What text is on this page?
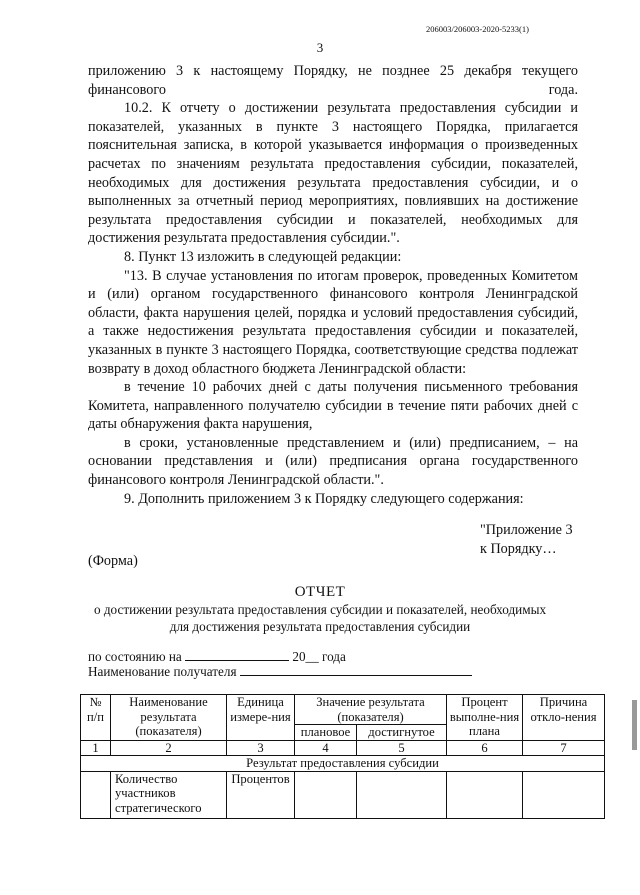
206003/206003-2020-5233(1)
3

приложению 3 к настоящему Порядку, не позднее 25 декабря текущего финансового года.

10.2. К отчету о достижении результата предоставления субсидии и показателей, указанных в пункте 3 настоящего Порядка, прилагается пояснительная записка, в которой указывается информация о произведенных расчетах по значениям результата предоставления субсидии, показателей, необходимых для достижения результата предоставления субсидии, и о выполненных за отчетный период мероприятиях, повлиявших на достижение результата предоставления субсидии и показателей, необходимых для достижения результата предоставления субсидии.".

8. Пункт 13 изложить в следующей редакции:

"13. В случае установления по итогам проверок, проведенных Комитетом и (или) органом государственного финансового контроля Ленинградской области, факта нарушения целей, порядка и условий предоставления субсидий, а также недостижения результата предоставления субсидии и показателей, указанных в пункте 3 настоящего Порядка, соответствующие средства подлежат возврату в доход областного бюджета Ленинградской области:

в течение 10 рабочих дней с даты получения письменного требования Комитета, направленного получателю субсидии в течение пяти рабочих дней с даты обнаружения факта нарушения,

в сроки, установленные представлением и (или) предписанием, – на основании представления и (или) предписания органа государственного финансового контроля Ленинградской области.".

9. Дополнить приложением 3 к Порядку следующего содержания:

"Приложение 3
к Порядку…
(Форма)
ОТЧЕТ
о достижении результата предоставления субсидии и показателей, необходимых
для достижения результата предоставления субсидии
по состоянию на	20__ года
Наименование получателя
№ п/п	Наименование результата (показателя)	Единица измере-ния	Значение результата (показателя)		Процент выполне-ния плана	Причина откло-нения
			плановое	достигнутое		
1	2	3	4	5	6	7
Результат предоставления субсидии						
	Количество участников стратегического	Процентов				
